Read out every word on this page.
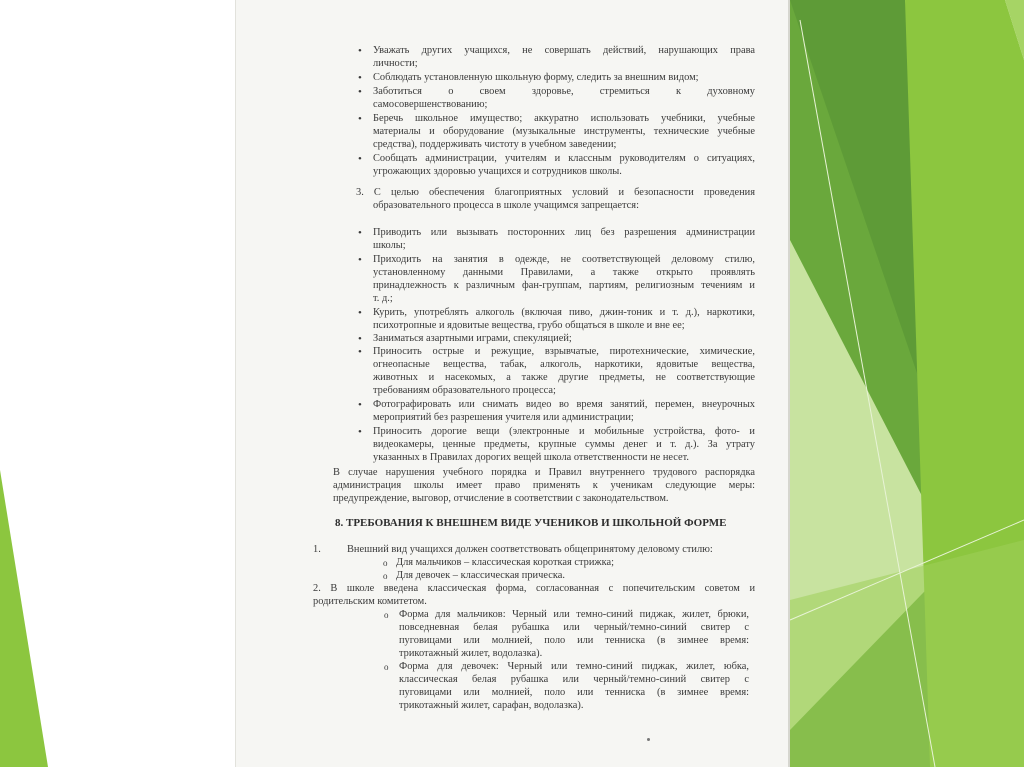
• Уважать других учащихся, не совершать действий, нарушающих права
личности;
• Соблюдать установленную школьную форму, следить за внешним видом;
• Заботиться о своем здоровье, стремиться к духовному
самосовершенствованию;
• Беречь школьное имущество; аккуратно использовать учебники, учебные
материалы и оборудование (музыкальные инструменты, технические учебные
средства), поддерживать чистоту в учебном заведении;
• Сообщать администрации, учителям и классным руководителям о ситуациях,
угрожающих здоровью учащихся и сотрудников школы.
3. С целью обеспечения благоприятных условий и безопасности проведения
образовательного процесса в школе учащимся запрещается:
• Приводить или вызывать посторонних лиц без разрешения администрации
школы;
• Приходить на занятия в одежде, не соответствующей деловому стилю,
установленному данными Правилами, а также открыто проявлять
принадлежность к различным фан-группам, партиям, религиозным течениям и
т. д.;
• Курить, употреблять алкоголь (включая пиво, джин-тоник и т. д.), наркотики,
психотропные и ядовитые вещества, грубо общаться в школе и вне ее;
• Заниматься азартными играми, спекуляцией;
• Приносить острые и режущие, взрывчатые, пиротехнические, химические,
огнеопасные вещества, табак, алкоголь, наркотики, ядовитые вещества,
животных и насекомых, а также другие предметы, не соответствующие
требованиям образовательного процесса;
• Фотографировать или снимать видео во время занятий, перемен, внеурочных
мероприятий без разрешения учителя или администрации;
• Приносить дорогие вещи (электронные и мобильные устройства, фото- и
видеокамеры, ценные предметы, крупные суммы денег и т. д.). За утрату
указанных в Правилах дорогих вещей школа ответственности не несет.
В случае нарушения учебного порядка и Правил внутреннего трудового распорядка
администрация школы имеет право применять к ученикам следующие меры:
предупреждение, выговор, отчисление в соответствии с законодательством.
8. ТРЕБОВАНИЯ К ВНЕШНЕМ ВИДЕ УЧЕНИКОВ И ШКОЛЬНОЙ ФОРМЕ
1.	Внешний вид учащихся должен соответствовать общепринятому деловому стилю:
o Для мальчиков – классическая короткая стрижка;
o Для девочек – классическая прическа.
2. В школе введена классическая форма, согласованная с попечительским советом и
родительским комитетом.
o Форма для мальчиков: Черный или темно-синий пиджак, жилет, брюки,
повседневная белая рубашка или черный/темно-синий свитер с
пуговицами или молнией, поло или тенниска (в зимнее время:
трикотажный жилет, водолазка).
o Форма для девочек: Черный или темно-синий пиджак, жилет, юбка,
классическая белая рубашка или черный/темно-синий свитер с
пуговицами или молнией, поло или тенниска (в зимнее время:
трикотажный жилет, сарафан, водолазка).
